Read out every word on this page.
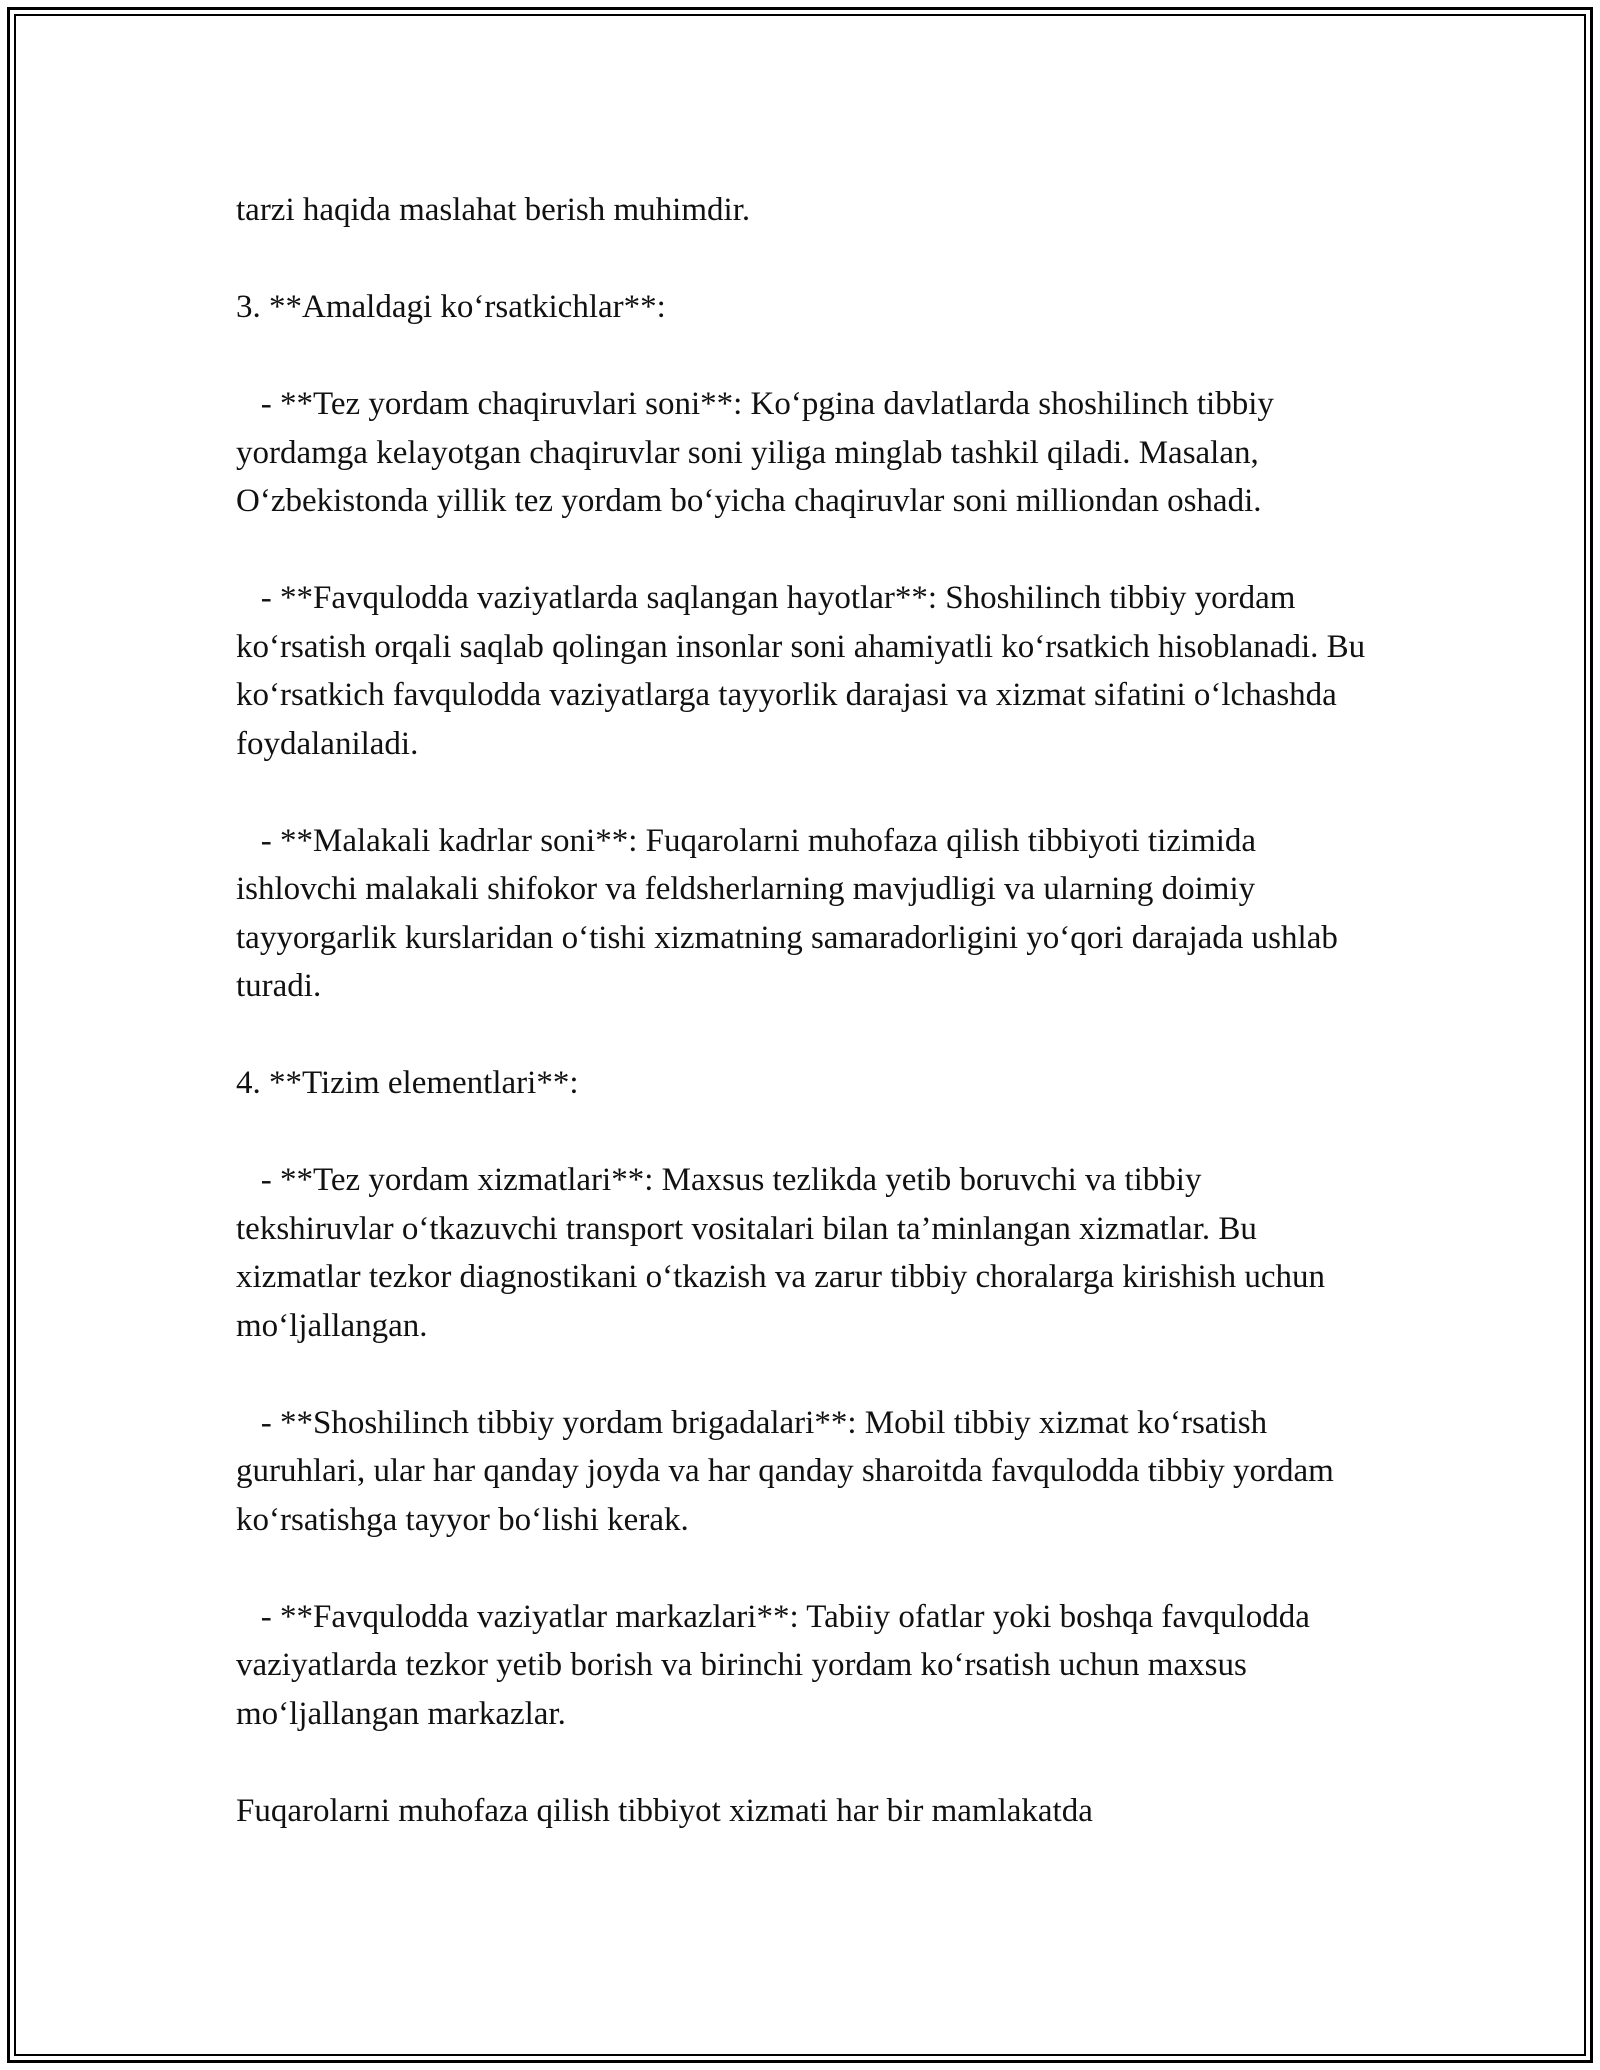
tarzi haqida maslahat berish muhimdir.

3. **Amaldagi ko‘rsatkichlar**:

- **Tez yordam chaqiruvlari soni**: Ko‘pgina davlatlarda shoshilinch tibbiy yordamga kelayotgan chaqiruvlar soni yiliga minglab tashkil qiladi. Masalan, O‘zbekistonda yillik tez yordam bo‘yicha chaqiruvlar soni milliondan oshadi.

- **Favqulodda vaziyatlarda saqlangan hayotlar**: Shoshilinch tibbiy yordam ko‘rsatish orqali saqlab qolingan insonlar soni ahamiyatli ko‘rsatkich hisoblanadi. Bu ko‘rsatkich favqulodda vaziyatlarga tayyorlik darajasi va xizmat sifatini o‘lchashda foydalaniladi.

- **Malakali kadrlar soni**: Fuqarolarni muhofaza qilish tibbiyoti tizimida ishlovchi malakali shifokor va feldsherlarning mavjudligi va ularning doimiy tayyorgarlik kurslaridan o‘tishi xizmatning samaradorligini yo‘qori darajada ushlab turadi.

4. **Tizim elementlari**:

- **Tez yordam xizmatlari**: Maxsus tezlikda yetib boruvchi va tibbiy tekshiruvlar o‘tkazuvchi transport vositalari bilan ta’minlangan xizmatlar. Bu xizmatlar tezkor diagnostikani o‘tkazish va zarur tibbiy choralarga kirishish uchun mo‘ljallangan.

- **Shoshilinch tibbiy yordam brigadalari**: Mobil tibbiy xizmat ko‘rsatish guruhlari, ular har qanday joyda va har qanday sharoitda favqulodda tibbiy yordam ko‘rsatishga tayyor bo‘lishi kerak.

- **Favqulodda vaziyatlar markazlari**: Tabiiy ofatlar yoki boshqa favqulodda vaziyatlarda tezkor yetib borish va birinchi yordam ko‘rsatish uchun maxsus mo‘ljallangan markazlar.

Fuqarolarni muhofaza qilish tibbiyot xizmati har bir mamlakatda
